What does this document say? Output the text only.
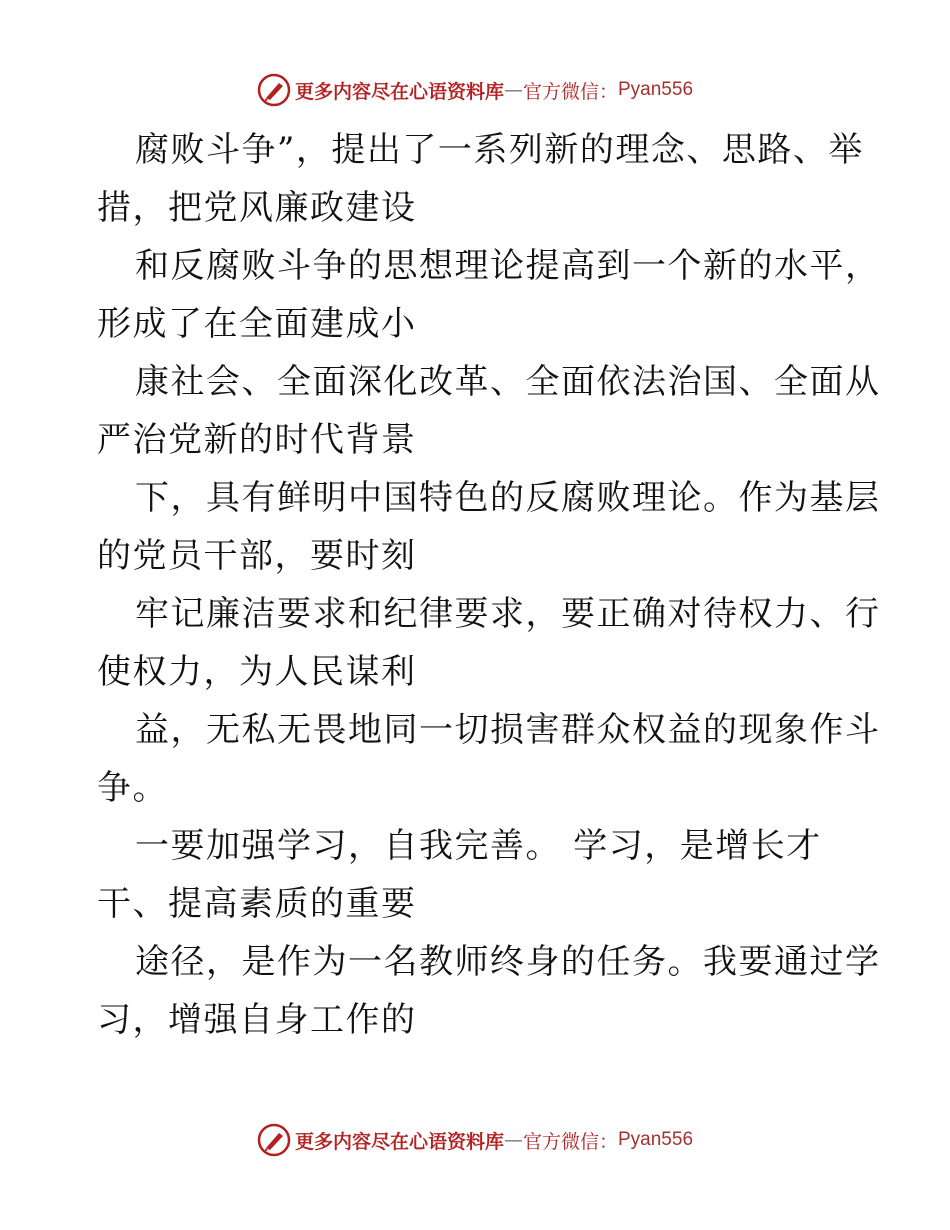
更多内容尽在心语资料库 — 官方微信： Pyan556

腐败斗争”，提出了一系列新的理念、思路、举
措，把党风廉政建设

和反腐败斗争的思想理论提高到一个新的水平，
形成了在全面建成小

康社会、全面深化改革、全面依法治国、全面从
严治党新的时代背景

下，具有鲜明中国特色的反腐败理论。作为基层
的党员干部，要时刻

牢记廉洁要求和纪律要求，要正确对待权力、行
使权力，为人民谋利

益，无私无畏地同一切损害群众权益的现象作斗
争。

一要加强学习，自我完善。 学习，是增长才
干、提高素质的重要

途径，是作为一名教师终身的任务。我要通过学
习，增强自身工作的

更多内容尽在心语资料库 — 官方微信： Pyan556
